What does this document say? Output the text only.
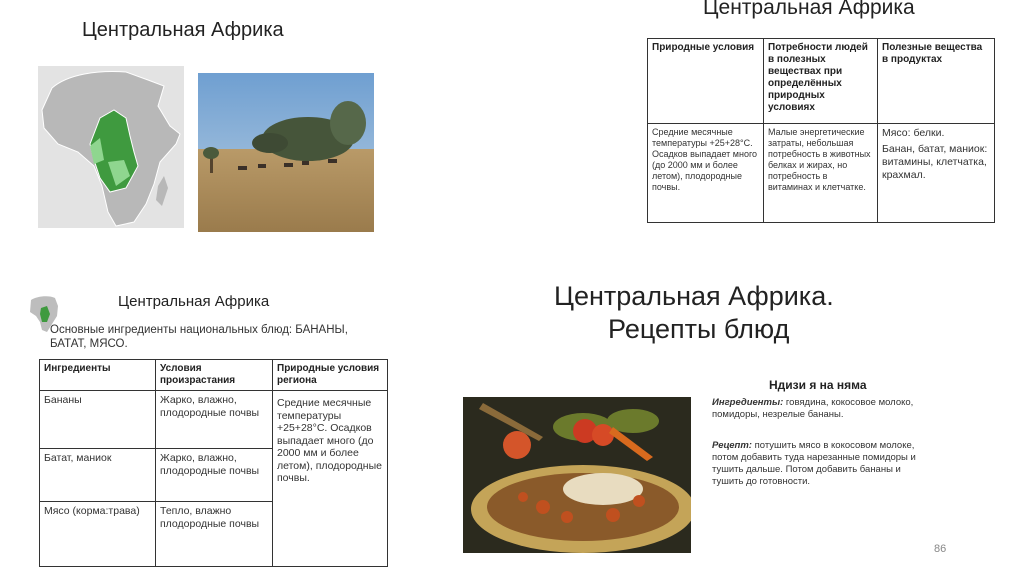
Центральная Африка
Центральная Африка
Природные условия	Потребности людей в полезных веществах при определённых природных условиях	Полезные вещества в продуктах
Средние месячные температуры +25+28°С. Осадков выпадает много (до 2000 мм и более летом), плодородные почвы.	Малые энергетические затраты, небольшая потребность в животных белках и жирах, но потребность в витаминах и клетчатке.	Мясо: белки.
Банан, батат, маниок: витамины, клетчатка, крахмал.
Центральная Африка
Основные ингредиенты национальных блюд: БАНАНЫ, БАТАТ, МЯСО.
Ингредиенты	Условия произрастания	Природные условия региона
Бананы	Жарко, влажно, плодородные почвы	Средние месячные температуры +25+28°С. Осадков выпадает много (до 2000 мм и более летом), плодородные почвы.
Батат, маниок	Жарко, влажно, плодородные почвы	
Мясо (корма:трава)	Тепло, влажно плодородные почвы	
Центральная Африка.
Рецепты блюд
Ндизи я на няма
Ингредиенты: говядина, кокосовое молоко, помидоры, незрелые бананы.
Рецепт: потушить мясо в кокосовом молоке, потом добавить туда нарезанные помидоры и тушить дальше. Потом добавить бананы и тушить до готовности.
86
